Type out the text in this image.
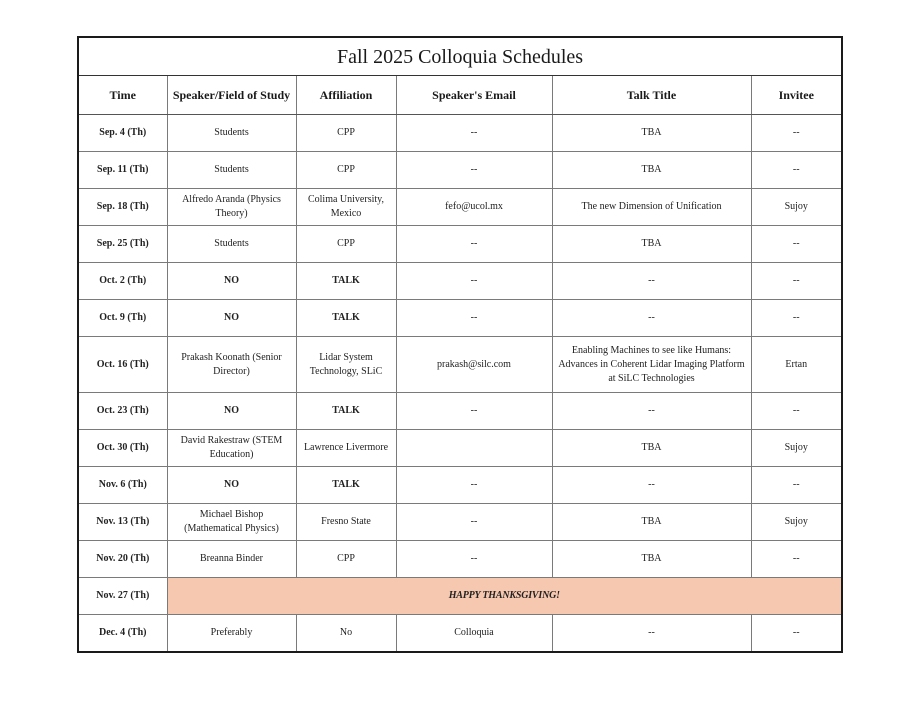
Fall 2025 Colloquia Schedules					
Time	Speaker/Field of Study	Affiliation	Speaker's Email	Talk Title	Invitee
Sep. 4 (Th)	Students	CPP	--	TBA	--
Sep. 11 (Th)	Students	CPP	--	TBA	--
Sep. 18 (Th)	Alfredo Aranda (Physics Theory)	Colima University, Mexico	fefo@ucol.mx	The new Dimension of Unification	Sujoy
Sep. 25 (Th)	Students	CPP	--	TBA	--
Oct. 2 (Th)	NO	TALK	--	--	--
Oct. 9 (Th)	NO	TALK	--	--	--
Oct. 16 (Th)	Prakash Koonath (Senior Director)	Lidar System Technology, SLiC	prakash@silc.com	Enabling Machines to see like Humans: Advances in Coherent Lidar Imaging Platform at SiLC Technologies	Ertan
Oct. 23 (Th)	NO	TALK	--	--	--
Oct. 30 (Th)	David Rakestraw (STEM Education)	Lawrence Livermore		TBA	Sujoy
Nov. 6 (Th)	NO	TALK	--	--	--
Nov. 13 (Th)	Michael Bishop (Mathematical Physics)	Fresno State	--	TBA	Sujoy
Nov. 20 (Th)	Breanna Binder	CPP	--	TBA	--
Nov. 27 (Th)	HAPPY THANKSGIVING!				
Dec. 4 (Th)	Preferably	No	Colloquia	--	--
